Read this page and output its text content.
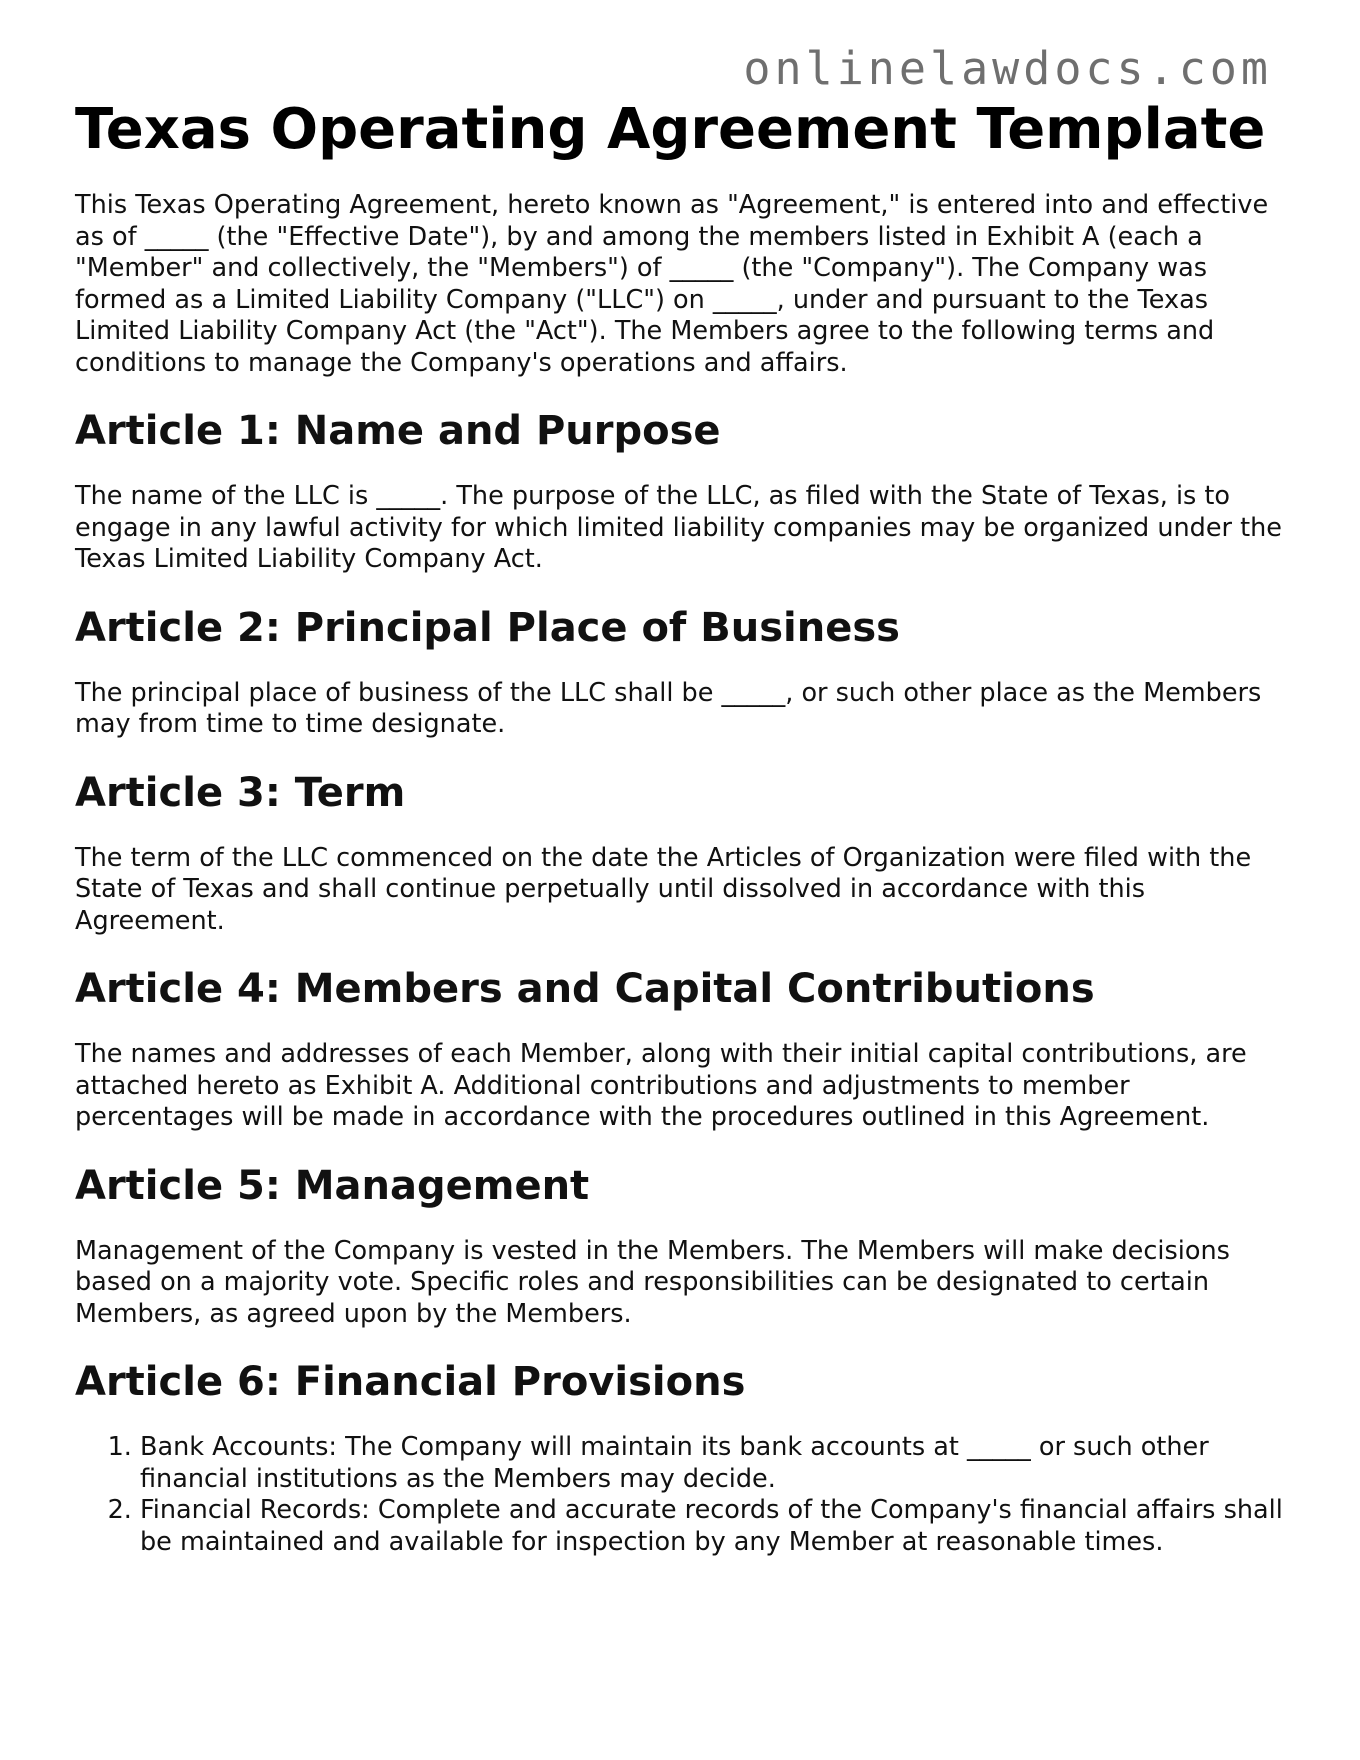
onlinelawdocs.com
Texas Operating Agreement Template

This Texas Operating Agreement, hereto known as "Agreement," is entered into and effective as of _____ (the "Effective Date"), by and among the members listed in Exhibit A (each a "Member" and collectively, the "Members") of _____ (the "Company"). The Company was formed as a Limited Liability Company ("LLC") on _____, under and pursuant to the Texas Limited Liability Company Act (the "Act"). The Members agree to the following terms and conditions to manage the Company's operations and affairs.

Article 1: Name and Purpose

The name of the LLC is _____. The purpose of the LLC, as filed with the State of Texas, is to engage in any lawful activity for which limited liability companies may be organized under the Texas Limited Liability Company Act.

Article 2: Principal Place of Business

The principal place of business of the LLC shall be _____, or such other place as the Members may from time to time designate.

Article 3: Term

The term of the LLC commenced on the date the Articles of Organization were filed with the State of Texas and shall continue perpetually until dissolved in accordance with this Agreement.

Article 4: Members and Capital Contributions

The names and addresses of each Member, along with their initial capital contributions, are attached hereto as Exhibit A. Additional contributions and adjustments to member percentages will be made in accordance with the procedures outlined in this Agreement.

Article 5: Management

Management of the Company is vested in the Members. The Members will make decisions based on a majority vote. Specific roles and responsibilities can be designated to certain Members, as agreed upon by the Members.

Article 6: Financial Provisions
1. Bank Accounts: The Company will maintain its bank accounts at _____ or such other financial institutions as the Members may decide.
2. Financial Records: Complete and accurate records of the Company's financial affairs shall be maintained and available for inspection by any Member at reasonable times.
